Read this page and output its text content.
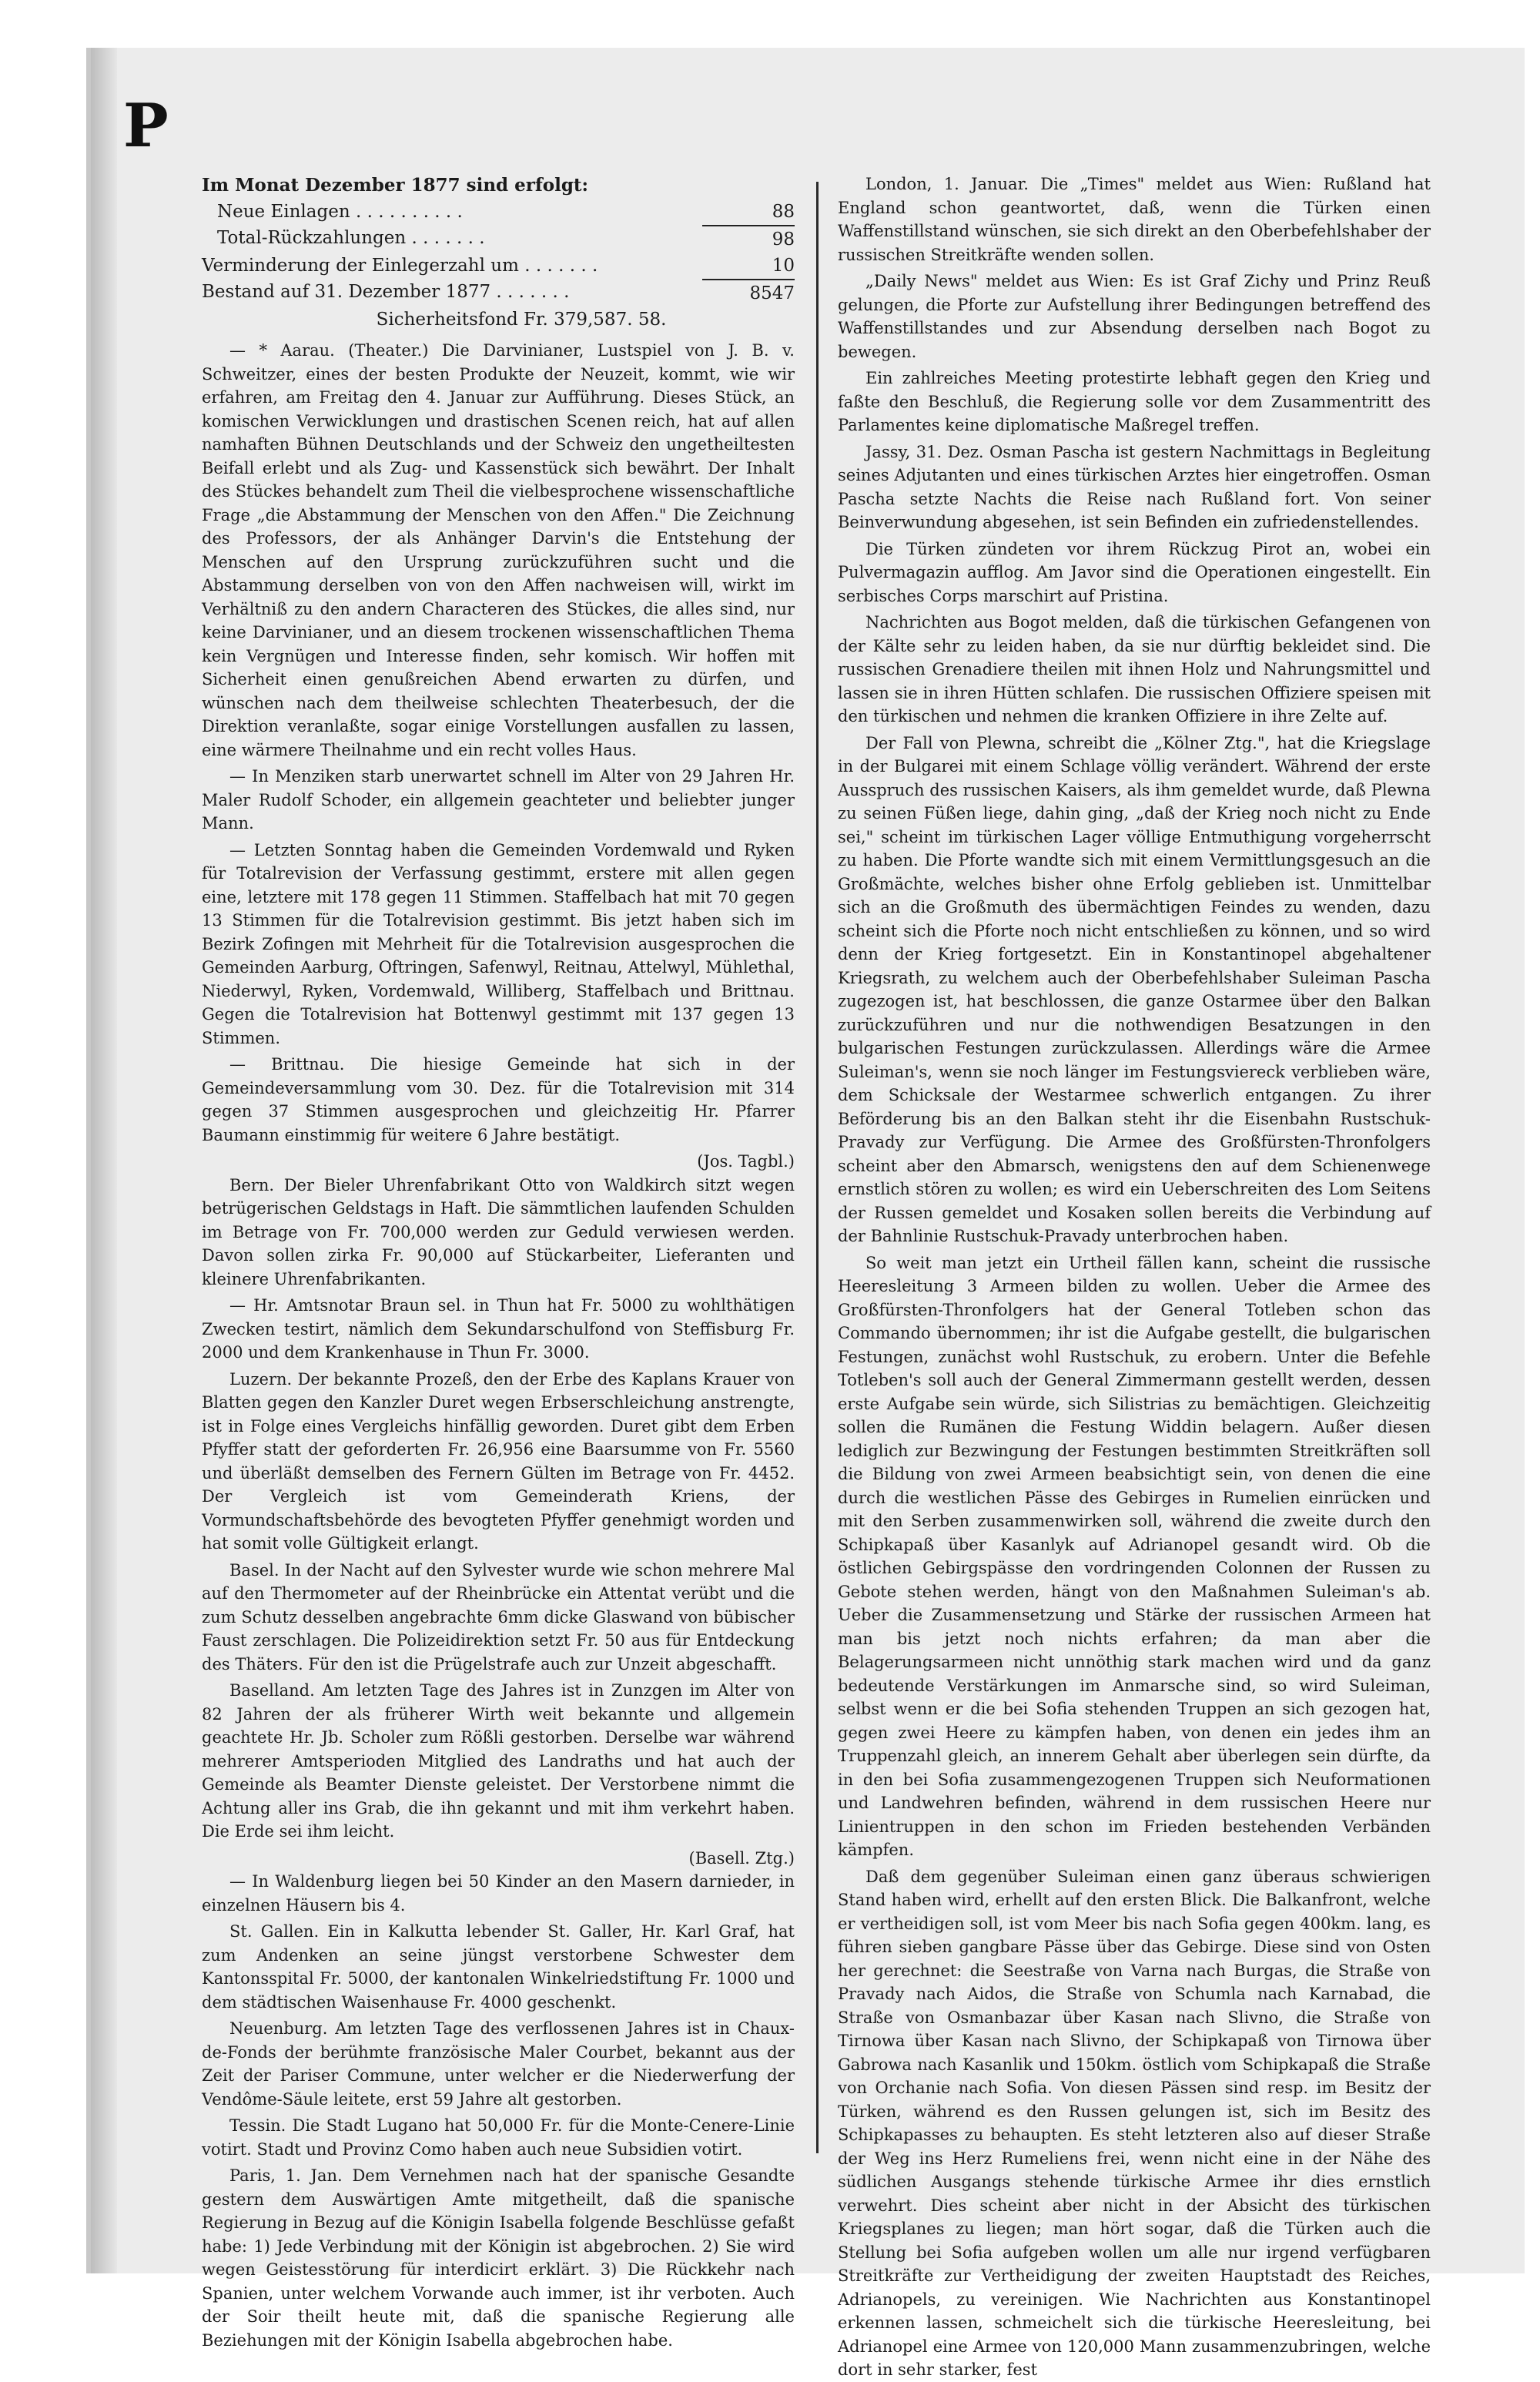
P
Im Monat Dezember 1877 sind erfolgt:
Neue Einlagen . . . . . . . . . .	88
Total-Rückzahlungen . . . . . . .	98
Verminderung der Einlegerzahl um . . . . . . .	10
Bestand auf 31. Dezember 1877 . . . . . . .	8547
Sicherheitsfond Fr. 379,587. 58.

— * Aarau. (Theater.) Die Darvinianer, Lustspiel von J. B. v. Schweitzer, eines der besten Produkte der Neuzeit, kommt, wie wir erfahren, am Freitag den 4. Januar zur Aufführung. Dieses Stück, an komischen Verwicklungen und drastischen Scenen reich, hat auf allen namhaften Bühnen Deutschlands und der Schweiz den ungetheiltesten Beifall erlebt und als Zug- und Kassenstück sich bewährt. Der Inhalt des Stückes behandelt zum Theil die vielbesprochene wissenschaftliche Frage „die Abstammung der Menschen von den Affen." Die Zeichnung des Professors, der als Anhänger Darvin's die Entstehung der Menschen auf den Ursprung zurückzuführen sucht und die Abstammung derselben von von den Affen nachweisen will, wirkt im Verhältniß zu den andern Characteren des Stückes, die alles sind, nur keine Darvinianer, und an diesem trockenen wissenschaftlichen Thema kein Vergnügen und Interesse finden, sehr komisch. Wir hoffen mit Sicherheit einen genußreichen Abend erwarten zu dürfen, und wünschen nach dem theilweise schlechten Theaterbesuch, der die Direktion veranlaßte, sogar einige Vorstellungen ausfallen zu lassen, eine wärmere Theilnahme und ein recht volles Haus.

— In Menziken starb unerwartet schnell im Alter von 29 Jahren Hr. Maler Rudolf Schoder, ein allgemein geachteter und beliebter junger Mann.

— Letzten Sonntag haben die Gemeinden Vordemwald und Ryken für Totalrevision der Verfassung gestimmt, erstere mit allen gegen eine, letztere mit 178 gegen 11 Stimmen. Staffelbach hat mit 70 gegen 13 Stimmen für die Totalrevision gestimmt. Bis jetzt haben sich im Bezirk Zofingen mit Mehrheit für die Totalrevision ausgesprochen die Gemeinden Aarburg, Oftringen, Safenwyl, Reitnau, Attelwyl, Mühlethal, Niederwyl, Ryken, Vordemwald, Williberg, Staffelbach und Brittnau. Gegen die Totalrevision hat Bottenwyl gestimmt mit 137 gegen 13 Stimmen.

— Brittnau. Die hiesige Gemeinde hat sich in der Gemeindeversammlung vom 30. Dez. für die Totalrevision mit 314 gegen 37 Stimmen ausgesprochen und gleichzeitig Hr. Pfarrer Baumann einstimmig für weitere 6 Jahre bestätigt.

(Jos. Tagbl.)

Bern. Der Bieler Uhrenfabrikant Otto von Waldkirch sitzt wegen betrügerischen Geldstags in Haft. Die sämmtlichen laufenden Schulden im Betrage von Fr. 700,000 werden zur Geduld verwiesen werden. Davon sollen zirka Fr. 90,000 auf Stückarbeiter, Lieferanten und kleinere Uhrenfabrikanten.

— Hr. Amtsnotar Braun sel. in Thun hat Fr. 5000 zu wohlthätigen Zwecken testirt, nämlich dem Sekundarschulfond von Steffisburg Fr. 2000 und dem Krankenhause in Thun Fr. 3000.

Luzern. Der bekannte Prozeß, den der Erbe des Kaplans Krauer von Blatten gegen den Kanzler Duret wegen Erbserschleichung anstrengte, ist in Folge eines Vergleichs hinfällig geworden. Duret gibt dem Erben Pfyffer statt der geforderten Fr. 26,956 eine Baarsumme von Fr. 5560 und überläßt demselben des Fernern Gülten im Betrage von Fr. 4452. Der Vergleich ist vom Gemeinderath Kriens, der Vormundschaftsbehörde des bevogteten Pfyffer genehmigt worden und hat somit volle Gültigkeit erlangt.

Basel. In der Nacht auf den Sylvester wurde wie schon mehrere Mal auf den Thermometer auf der Rheinbrücke ein Attentat verübt und die zum Schutz desselben angebrachte 6mm dicke Glaswand von bübischer Faust zerschlagen. Die Polizeidirektion setzt Fr. 50 aus für Entdeckung des Thäters. Für den ist die Prügelstrafe auch zur Unzeit abgeschafft.

Baselland. Am letzten Tage des Jahres ist in Zunzgen im Alter von 82 Jahren der als früherer Wirth weit bekannte und allgemein geachtete Hr. Jb. Scholer zum Rößli gestorben. Derselbe war während mehrerer Amtsperioden Mitglied des Landraths und hat auch der Gemeinde als Beamter Dienste geleistet. Der Verstorbene nimmt die Achtung aller ins Grab, die ihn gekannt und mit ihm verkehrt haben. Die Erde sei ihm leicht.

(Basell. Ztg.)

— In Waldenburg liegen bei 50 Kinder an den Masern darnieder, in einzelnen Häusern bis 4.

St. Gallen. Ein in Kalkutta lebender St. Galler, Hr. Karl Graf, hat zum Andenken an seine jüngst verstorbene Schwester dem Kantonsspital Fr. 5000, der kantonalen Winkelriedstiftung Fr. 1000 und dem städtischen Waisenhause Fr. 4000 geschenkt.

Neuenburg. Am letzten Tage des verflossenen Jahres ist in Chaux-de-Fonds der berühmte französische Maler Courbet, bekannt aus der Zeit der Pariser Commune, unter welcher er die Niederwerfung der Vendôme-Säule leitete, erst 59 Jahre alt gestorben.

Tessin. Die Stadt Lugano hat 50,000 Fr. für die Monte-Cenere-Linie votirt. Stadt und Provinz Como haben auch neue Subsidien votirt.

Paris, 1. Jan. Dem Vernehmen nach hat der spanische Gesandte gestern dem Auswärtigen Amte mitgetheilt, daß die spanische Regierung in Bezug auf die Königin Isabella folgende Beschlüsse gefaßt habe: 1) Jede Verbindung mit der Königin ist abgebrochen. 2) Sie wird wegen Geistesstörung für interdicirt erklärt. 3) Die Rückkehr nach Spanien, unter welchem Vorwande auch immer, ist ihr verboten. Auch der Soir theilt heute mit, daß die spanische Regierung alle Beziehungen mit der Königin Isabella abgebrochen habe.

London, 1. Januar. Die „Times" meldet aus Wien: Rußland hat England schon geantwortet, daß, wenn die Türken einen Waffenstillstand wünschen, sie sich direkt an den Oberbefehlshaber der russischen Streitkräfte wenden sollen.

„Daily News" meldet aus Wien: Es ist Graf Zichy und Prinz Reuß gelungen, die Pforte zur Aufstellung ihrer Bedingungen betreffend des Waffenstillstandes und zur Absendung derselben nach Bogot zu bewegen.

Ein zahlreiches Meeting protestirte lebhaft gegen den Krieg und faßte den Beschluß, die Regierung solle vor dem Zusammentritt des Parlamentes keine diplomatische Maßregel treffen.

Jassy, 31. Dez. Osman Pascha ist gestern Nachmittags in Begleitung seines Adjutanten und eines türkischen Arztes hier eingetroffen. Osman Pascha setzte Nachts die Reise nach Rußland fort. Von seiner Beinverwundung abgesehen, ist sein Befinden ein zufriedenstellendes.

Die Türken zündeten vor ihrem Rückzug Pirot an, wobei ein Pulvermagazin aufflog. Am Javor sind die Operationen eingestellt. Ein serbisches Corps marschirt auf Pristina.

Nachrichten aus Bogot melden, daß die türkischen Gefangenen von der Kälte sehr zu leiden haben, da sie nur dürftig bekleidet sind. Die russischen Grenadiere theilen mit ihnen Holz und Nahrungsmittel und lassen sie in ihren Hütten schlafen. Die russischen Offiziere speisen mit den türkischen und nehmen die kranken Offiziere in ihre Zelte auf.

Der Fall von Plewna, schreibt die „Kölner Ztg.", hat die Kriegslage in der Bulgarei mit einem Schlage völlig verändert. Während der erste Ausspruch des russischen Kaisers, als ihm gemeldet wurde, daß Plewna zu seinen Füßen liege, dahin ging, „daß der Krieg noch nicht zu Ende sei," scheint im türkischen Lager völlige Entmuthigung vorgeherrscht zu haben. Die Pforte wandte sich mit einem Vermittlungsgesuch an die Großmächte, welches bisher ohne Erfolg geblieben ist. Unmittelbar sich an die Großmuth des übermächtigen Feindes zu wenden, dazu scheint sich die Pforte noch nicht entschließen zu können, und so wird denn der Krieg fortgesetzt. Ein in Konstantinopel abgehaltener Kriegsrath, zu welchem auch der Oberbefehlshaber Suleiman Pascha zugezogen ist, hat beschlossen, die ganze Ostarmee über den Balkan zurückzuführen und nur die nothwendigen Besatzungen in den bulgarischen Festungen zurückzulassen. Allerdings wäre die Armee Suleiman's, wenn sie noch länger im Festungsviereck verblieben wäre, dem Schicksale der Westarmee schwerlich entgangen. Zu ihrer Beförderung bis an den Balkan steht ihr die Eisenbahn Rustschuk-Pravady zur Verfügung. Die Armee des Großfürsten-Thronfolgers scheint aber den Abmarsch, wenigstens den auf dem Schienenwege ernstlich stören zu wollen; es wird ein Ueberschreiten des Lom Seitens der Russen gemeldet und Kosaken sollen bereits die Verbindung auf der Bahnlinie Rustschuk-Pravady unterbrochen haben.

So weit man jetzt ein Urtheil fällen kann, scheint die russische Heeresleitung 3 Armeen bilden zu wollen. Ueber die Armee des Großfürsten-Thronfolgers hat der General Totleben schon das Commando übernommen; ihr ist die Aufgabe gestellt, die bulgarischen Festungen, zunächst wohl Rustschuk, zu erobern. Unter die Befehle Totleben's soll auch der General Zimmermann gestellt werden, dessen erste Aufgabe sein würde, sich Silistrias zu bemächtigen. Gleichzeitig sollen die Rumänen die Festung Widdin belagern. Außer diesen lediglich zur Bezwingung der Festungen bestimmten Streitkräften soll die Bildung von zwei Armeen beabsichtigt sein, von denen die eine durch die westlichen Pässe des Gebirges in Rumelien einrücken und mit den Serben zusammenwirken soll, während die zweite durch den Schipkapaß über Kasanlyk auf Adrianopel gesandt wird. Ob die östlichen Gebirgspässe den vordringenden Colonnen der Russen zu Gebote stehen werden, hängt von den Maßnahmen Suleiman's ab. Ueber die Zusammensetzung und Stärke der russischen Armeen hat man bis jetzt noch nichts erfahren; da man aber die Belagerungsarmeen nicht unnöthig stark machen wird und da ganz bedeutende Verstärkungen im Anmarsche sind, so wird Suleiman, selbst wenn er die bei Sofia stehenden Truppen an sich gezogen hat, gegen zwei Heere zu kämpfen haben, von denen ein jedes ihm an Truppenzahl gleich, an innerem Gehalt aber überlegen sein dürfte, da in den bei Sofia zusammengezogenen Truppen sich Neuformationen und Landwehren befinden, während in dem russischen Heere nur Linientruppen in den schon im Frieden bestehenden Verbänden kämpfen.

Daß dem gegenüber Suleiman einen ganz überaus schwierigen Stand haben wird, erhellt auf den ersten Blick. Die Balkanfront, welche er vertheidigen soll, ist vom Meer bis nach Sofia gegen 400km. lang, es führen sieben gangbare Pässe über das Gebirge. Diese sind von Osten her gerechnet: die Seestraße von Varna nach Burgas, die Straße von Pravady nach Aidos, die Straße von Schumla nach Karnabad, die Straße von Osmanbazar über Kasan nach Slivno, die Straße von Tirnowa über Kasan nach Slivno, der Schipkapaß von Tirnowa über Gabrowa nach Kasanlik und 150km. östlich vom Schipkapaß die Straße von Orchanie nach Sofia. Von diesen Pässen sind resp. im Besitz der Türken, während es den Russen gelungen ist, sich im Besitz des Schipkapasses zu behaupten. Es steht letzteren also auf dieser Straße der Weg ins Herz Rumeliens frei, wenn nicht eine in der Nähe des südlichen Ausgangs stehende türkische Armee ihr dies ernstlich verwehrt. Dies scheint aber nicht in der Absicht des türkischen Kriegsplanes zu liegen; man hört sogar, daß die Türken auch die Stellung bei Sofia aufgeben wollen um alle nur irgend verfügbaren Streitkräfte zur Vertheidigung der zweiten Hauptstadt des Reiches, Adrianopels, zu vereinigen. Wie Nachrichten aus Konstantinopel erkennen lassen, schmeichelt sich die türkische Heeresleitung, bei Adrianopel eine Armee von 120,000 Mann zusammenzubringen, welche dort in sehr starker, fest
